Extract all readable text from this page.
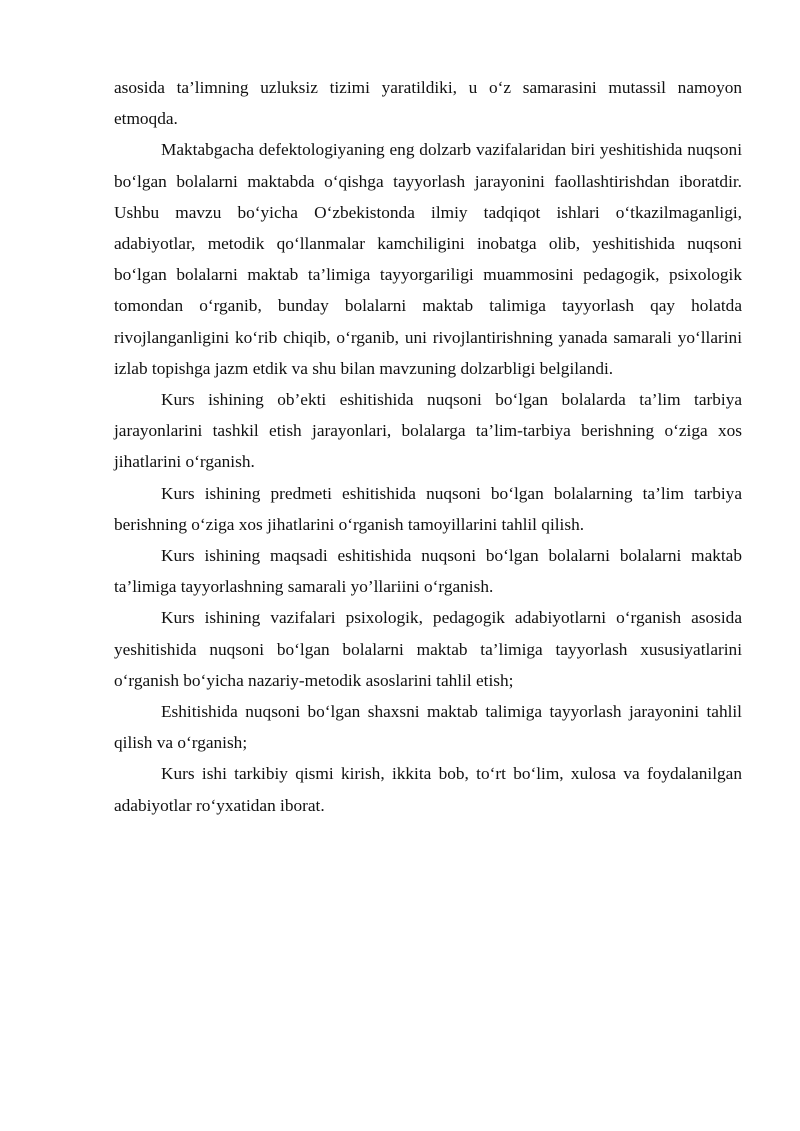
asosida ta’limning uzluksiz tizimi yaratildiki, u o‘z samarasini mutassil namoyon etmoqda.

Maktabgacha defektologiyaning eng dolzarb vazifalaridan biri yeshitishida nuqsoni bo‘lgan bolalarni maktabda o‘qishga tayyorlash jarayonini faollashtirishdan iboratdir. Ushbu mavzu bo‘yicha O‘zbekistonda ilmiy tadqiqot ishlari o‘tkazilmaganligi, adabiyotlar, metodik qo‘llanmalar kamchiligini inobatga olib, yeshitishida nuqsoni bo‘lgan bolalarni maktab ta’limiga tayyorgariligi muammosini pedagogik, psixologik tomondan o‘rganib, bunday bolalarni maktab talimiga tayyorlash qay holatda rivojlanganligini ko‘rib chiqib, o‘rganib, uni rivojlantirishning yanada samarali yo‘llarini izlab topishga jazm etdik va shu bilan mavzuning dolzarbligi belgilandi.

Kurs ishining ob’ekti eshitishida nuqsoni bo‘lgan bolalarda ta’lim tarbiya jarayonlarini tashkil etish jarayonlari, bolalarga ta’lim-tarbiya berishning o‘ziga xos jihatlarini o‘rganish.

Kurs ishining predmeti eshitishida nuqsoni bo‘lgan bolalarning ta’lim tarbiya berishning o‘ziga xos jihatlarini o‘rganish tamoyillarini tahlil qilish.

Kurs ishining maqsadi eshitishida nuqsoni bo‘lgan bolalarni bolalarni maktab ta’limiga tayyorlashning samarali yo’llariini o‘rganish.

Kurs ishining vazifalari psixologik, pedagogik adabiyotlarni o‘rganish asosida yeshitishida nuqsoni bo‘lgan bolalarni maktab ta’limiga tayyorlash xususiyatlarini o‘rganish bo‘yicha nazariy-metodik asoslarini tahlil etish;

Eshitishida nuqsoni bo‘lgan shaxsni maktab talimiga tayyorlash jarayonini tahlil qilish va o‘rganish;

Kurs ishi tarkibiy qismi kirish, ikkita bob, to‘rt bo‘lim, xulosa va foydalanilgan adabiyotlar ro‘yxatidan iborat.
